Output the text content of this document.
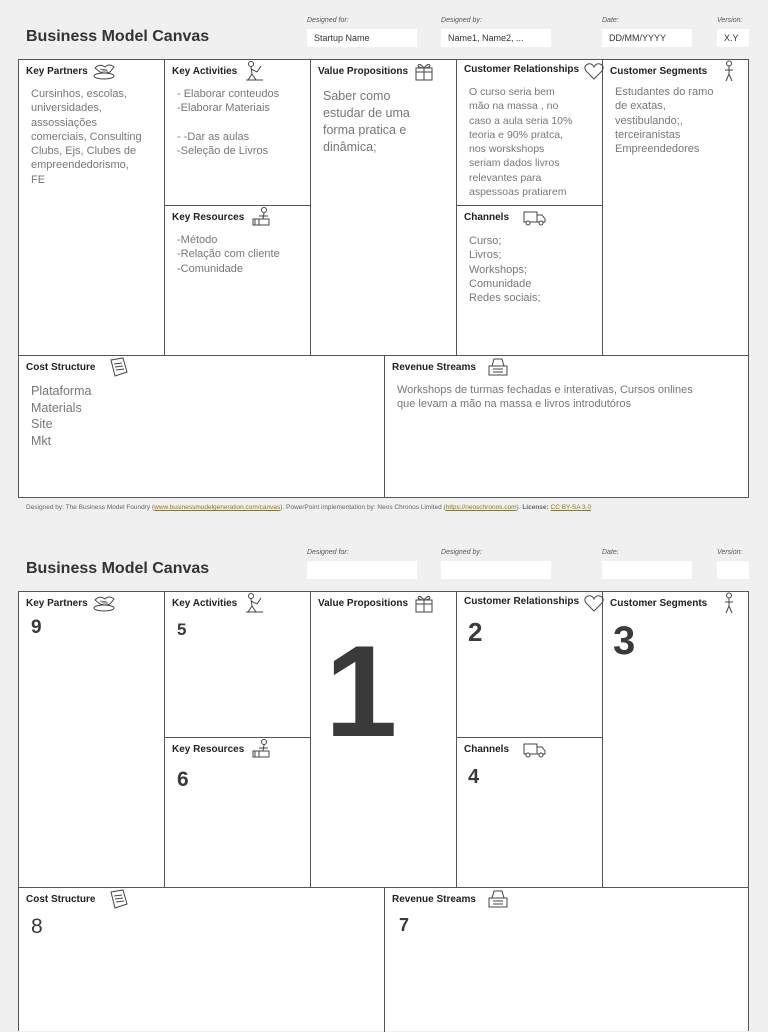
Business Model Canvas
Designed for:
Startup Name
Designed by:
Name1, Name2, ...
Date:
DD/MM/YYYY
Version:
X.Y
Key Partners
Cursinhos, escolas,
universidades,
assossiações
comerciais, Consulting
Clubs, Ejs, Clubes de
empreendedorismo,
FE
Key Activities
- Elaborar conteudos
-Elaborar Materiais

- -Dar as aulas
-Seleção de Livros
Key Resources
-Método
-Relação com cliente
-Comunidade
Value Propositions
Saber como
estudar de uma
forma pratica e
dinâmica;
Customer Relationships
O curso seria bem
mão na massa , no
caso a aula seria 10%
teoria e 90% pratca,
nos worskshops
seriam dados livros
relevantes para
aspessoas pratiarem
Channels
Curso;
Livros;
Workshops;
Comunidade
Redes sociais;
Customer Segments
Estudantes do ramo
de exatas,
vestibulando;,
terceiranistas
Empreendedores
Cost Structure
Plataforma
Materials
Site
Mkt
Revenue Streams
Workshops de turmas fechadas e interativas, Cursos onlines
que levam a mão na massa e livros introdutóros
Designed by: The Business Model Foundry (www.businessmodelgeneration.com/canvas). PowerPoint implementation by: Neos Chronos Limited (https://neoschronos.com). License: CC BY-SA 3.0
Business Model Canvas
Designed for:	Designed by:	Date:	Version:
Key Partners
9
Key Activities
5
Key Resources
6
Value Propositions
1
Customer Relationships
2
Channels
4
Customer Segments
3
Cost Structure
8
Revenue Streams
7
